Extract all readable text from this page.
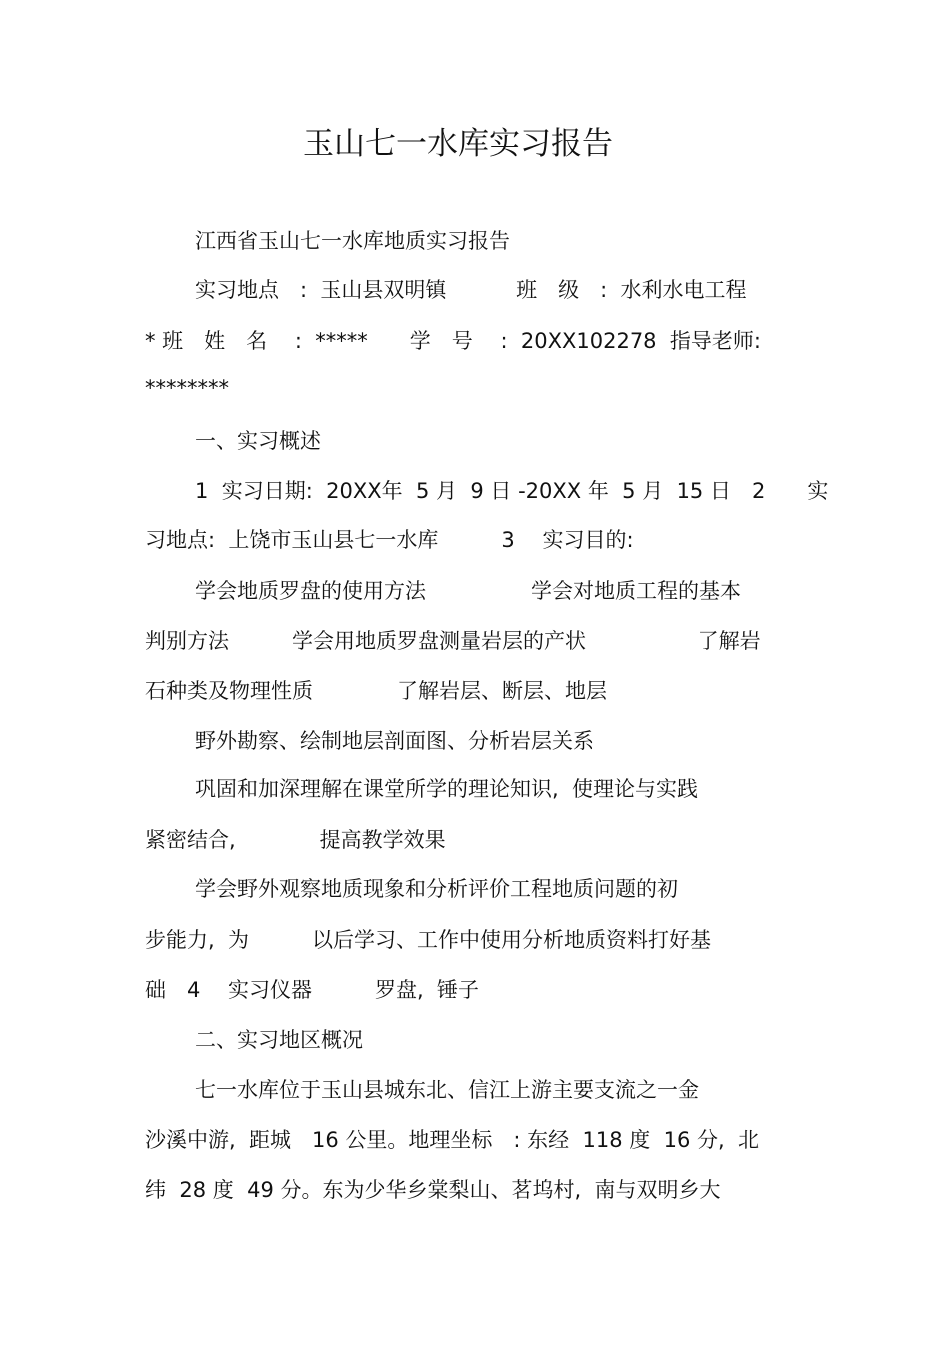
玉山七一水库实习报告
江西省玉山七一水库地质实习报告
实习地点　:  玉山县双明镇　　　 班　级　:  水利水电工程
* 班　姓　名　 :  *****　　学　号　 :  20XX102278  指导老师:
********
一、实习概述
1  实习日期:  20XX年  5 月  9 日 -20XX 年  5 月  15 日　2　　实
习地点:  上饶市玉山县七一水库　　　3　 实习目的:
学会地质罗盘的使用方法　　　　　学会对地质工程的基本
判别方法　　　学会用地质罗盘测量岩层的产状　　　　　 了解岩
石种类及物理性质　　　　了解岩层、断层、地层
野外勘察、绘制地层剖面图、分析岩层关系
巩固和加深理解在课堂所学的理论知识,  使理论与实践
紧密结合,　　　　提高教学效果
学会野外观察地质现象和分析评价工程地质问题的初
步能力,  为　　　以后学习、工作中使用分析地质资料打好基
础　4　 实习仪器　　　罗盘,  锤子
二、实习地区概况
七一水库位于玉山县城东北、信江上游主要支流之一金
沙溪中游,  距城　16 公里。地理坐标　: 东经  118 度  16 分,  北
纬  28 度  49 分。东为少华乡棠梨山、茗坞村,  南与双明乡大
